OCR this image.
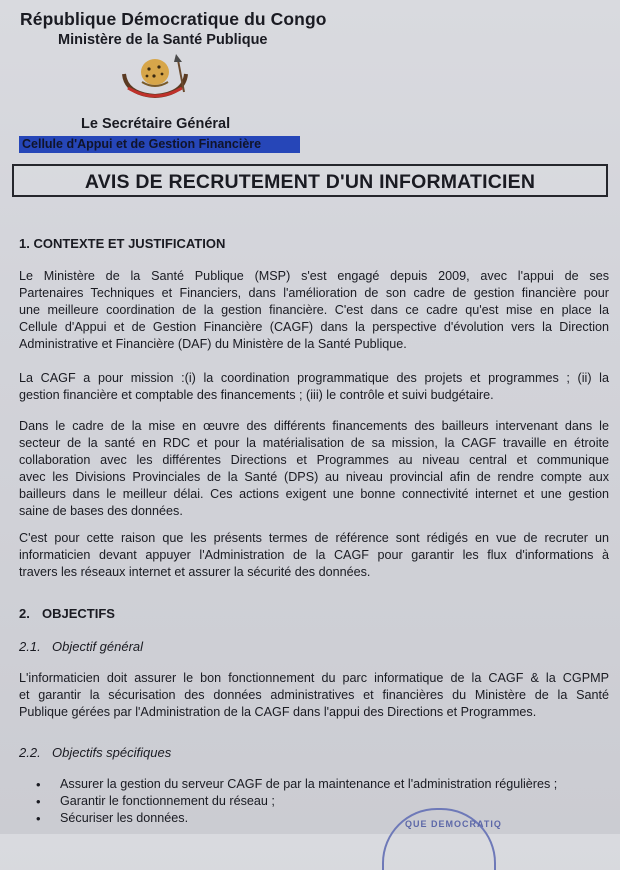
République Démocratique du Congo
Ministère de la Santé Publique
Le Secrétaire Général
Cellule d'Appui et de Gestion Financière
AVIS DE RECRUTEMENT D'UN INFORMATICIEN
1. CONTEXTE ET JUSTIFICATION
Le Ministère de la Santé Publique (MSP) s'est engagé depuis 2009, avec l'appui de ses
Partenaires Techniques et Financiers, dans l'amélioration de son cadre de gestion financière pour
une meilleure coordination de la gestion financière. C'est dans ce cadre qu'est mise en place la
Cellule d'Appui et de Gestion Financière (CAGF) dans la perspective d'évolution vers la Direction
Administrative et Financière (DAF) du Ministère de la Santé Publique.
La CAGF a pour mission :(i) la coordination programmatique des projets et programmes ; (ii) la
gestion financière et comptable des financements ; (iii) le contrôle et suivi budgétaire.
Dans le cadre de la mise en œuvre des différents financements des bailleurs intervenant dans le
secteur de la santé en RDC et pour la matérialisation de sa mission, la CAGF travaille en étroite
collaboration avec les différentes Directions et Programmes au niveau central et communique
avec les Divisions Provinciales de la Santé (DPS) au niveau provincial afin de rendre compte aux
bailleurs dans le meilleur délai. Ces actions exigent une bonne connectivité internet et une gestion
saine de bases des données.
C'est pour cette raison que les présents termes de référence sont rédigés en vue de recruter un
informaticien devant appuyer l'Administration de la CAGF pour garantir les flux d'informations à
travers les réseaux internet et assurer la sécurité des données.
2. OBJECTIFS
2.1. Objectif général
L'informaticien doit assurer le bon fonctionnement du parc informatique de la CAGF & la CGPMP
et garantir la sécurisation des données administratives et financières du Ministère de la Santé
Publique gérées par l'Administration de la CAGF dans l'appui des Directions et Programmes.
2.2. Objectifs spécifiques
• Assurer la gestion du serveur CAGF de par la maintenance et l'administration régulières ;
• Garantir le fonctionnement du réseau ;
• Sécuriser les données.	QUE DEMOCRATIQ
